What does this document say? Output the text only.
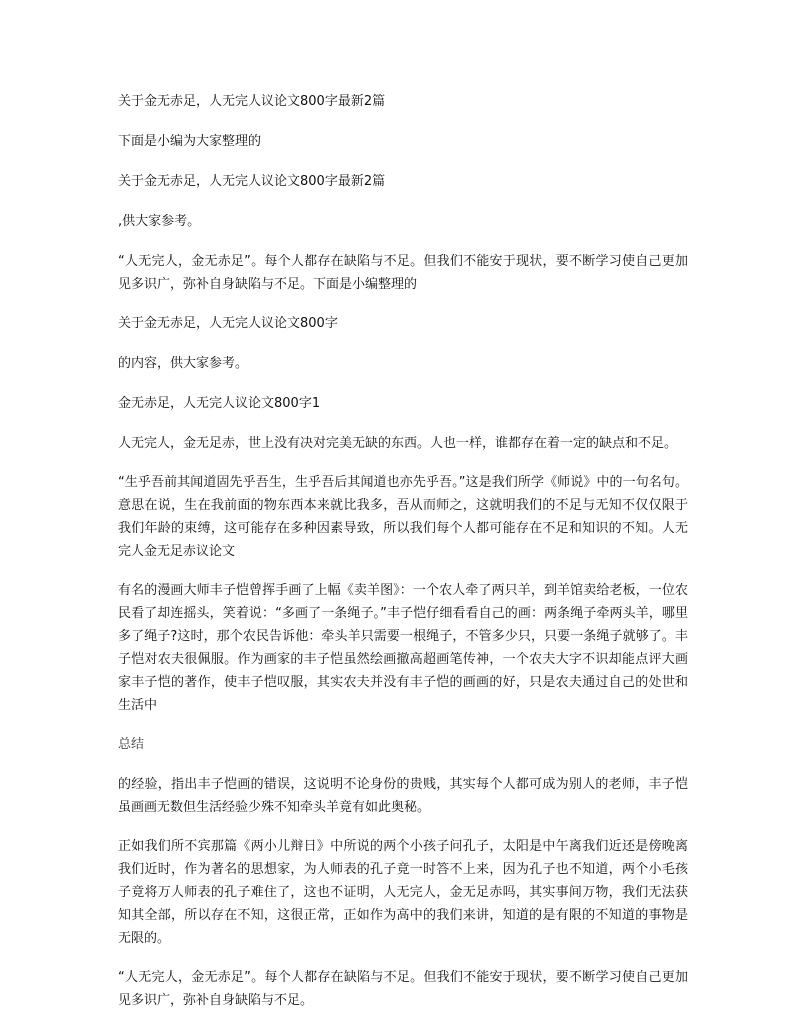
关于金无赤足，人无完人议论文800字最新2篇

下面是小编为大家整理的

关于金无赤足，人无完人议论文800字最新2篇

,供大家参考。

“人无完人，金无赤足”。每个人都存在缺陷与不足。但我们不能安于现状，要不断学习使自己更加见多识广，弥补自身缺陷与不足。下面是小编整理的

关于金无赤足，人无完人议论文800字

的内容，供大家参考。

金无赤足，人无完人议论文800字1

人无完人，金无足赤，世上没有决对完美无缺的东西。人也一样，谁都存在着一定的缺点和不足。

“生乎吾前其闻道固先乎吾生，生乎吾后其闻道也亦先乎吾。”这是我们所学《师说》中的一句名句。意思在说，生在我前面的物东西本来就比我多，吾从而师之，这就明我们的不足与无知不仅仅限于我们年龄的束缚，这可能存在多种因素导致，所以我们每个人都可能存在不足和知识的不知。人无完人金无足赤议论文

有名的漫画大师丰子恺曾挥手画了上幅《卖羊图》：一个农人牵了两只羊，到羊馆卖给老板，一位农民看了却连摇头，笑着说：“多画了一条绳子。”丰子恺仔细看看自己的画：两条绳子牵两头羊，哪里多了绳子?这时，那个农民告诉他：牵头羊只需要一根绳子，不管多少只，只要一条绳子就够了。丰子恺对农夫很佩服。作为画家的丰子恺虽然绘画撤高超画笔传神，一个农夫大字不识却能点评大画家丰子恺的著作，使丰子恺叹服，其实农夫并没有丰子恺的画画的好，只是农夫通过自己的处世和生活中

总结

的经验，指出丰子恺画的错误，这说明不论身份的贵贱，其实每个人都可成为别人的老师，丰子恺虽画画无数但生活经验少殊不知牵头羊竟有如此奥秘。

正如我们所不宾那篇《两小儿辩日》中所说的两个小孩子问孔子，太阳是中午离我们近还是傍晚离我们近时，作为著名的思想家，为人师表的孔子竟一时答不上来，因为孔子也不知道，两个小毛孩子竟将万人师表的孔子难住了，这也不证明，人无完人，金无足赤吗，其实事间万物，我们无法获知其全部，所以存在不知，这很正常，正如作为高中的我们来讲，知道的是有限的不知道的事物是无限的。

“人无完人，金无赤足”。每个人都存在缺陷与不足。但我们不能安于现状，要不断学习使自己更加见多识广，弥补自身缺陷与不足。
